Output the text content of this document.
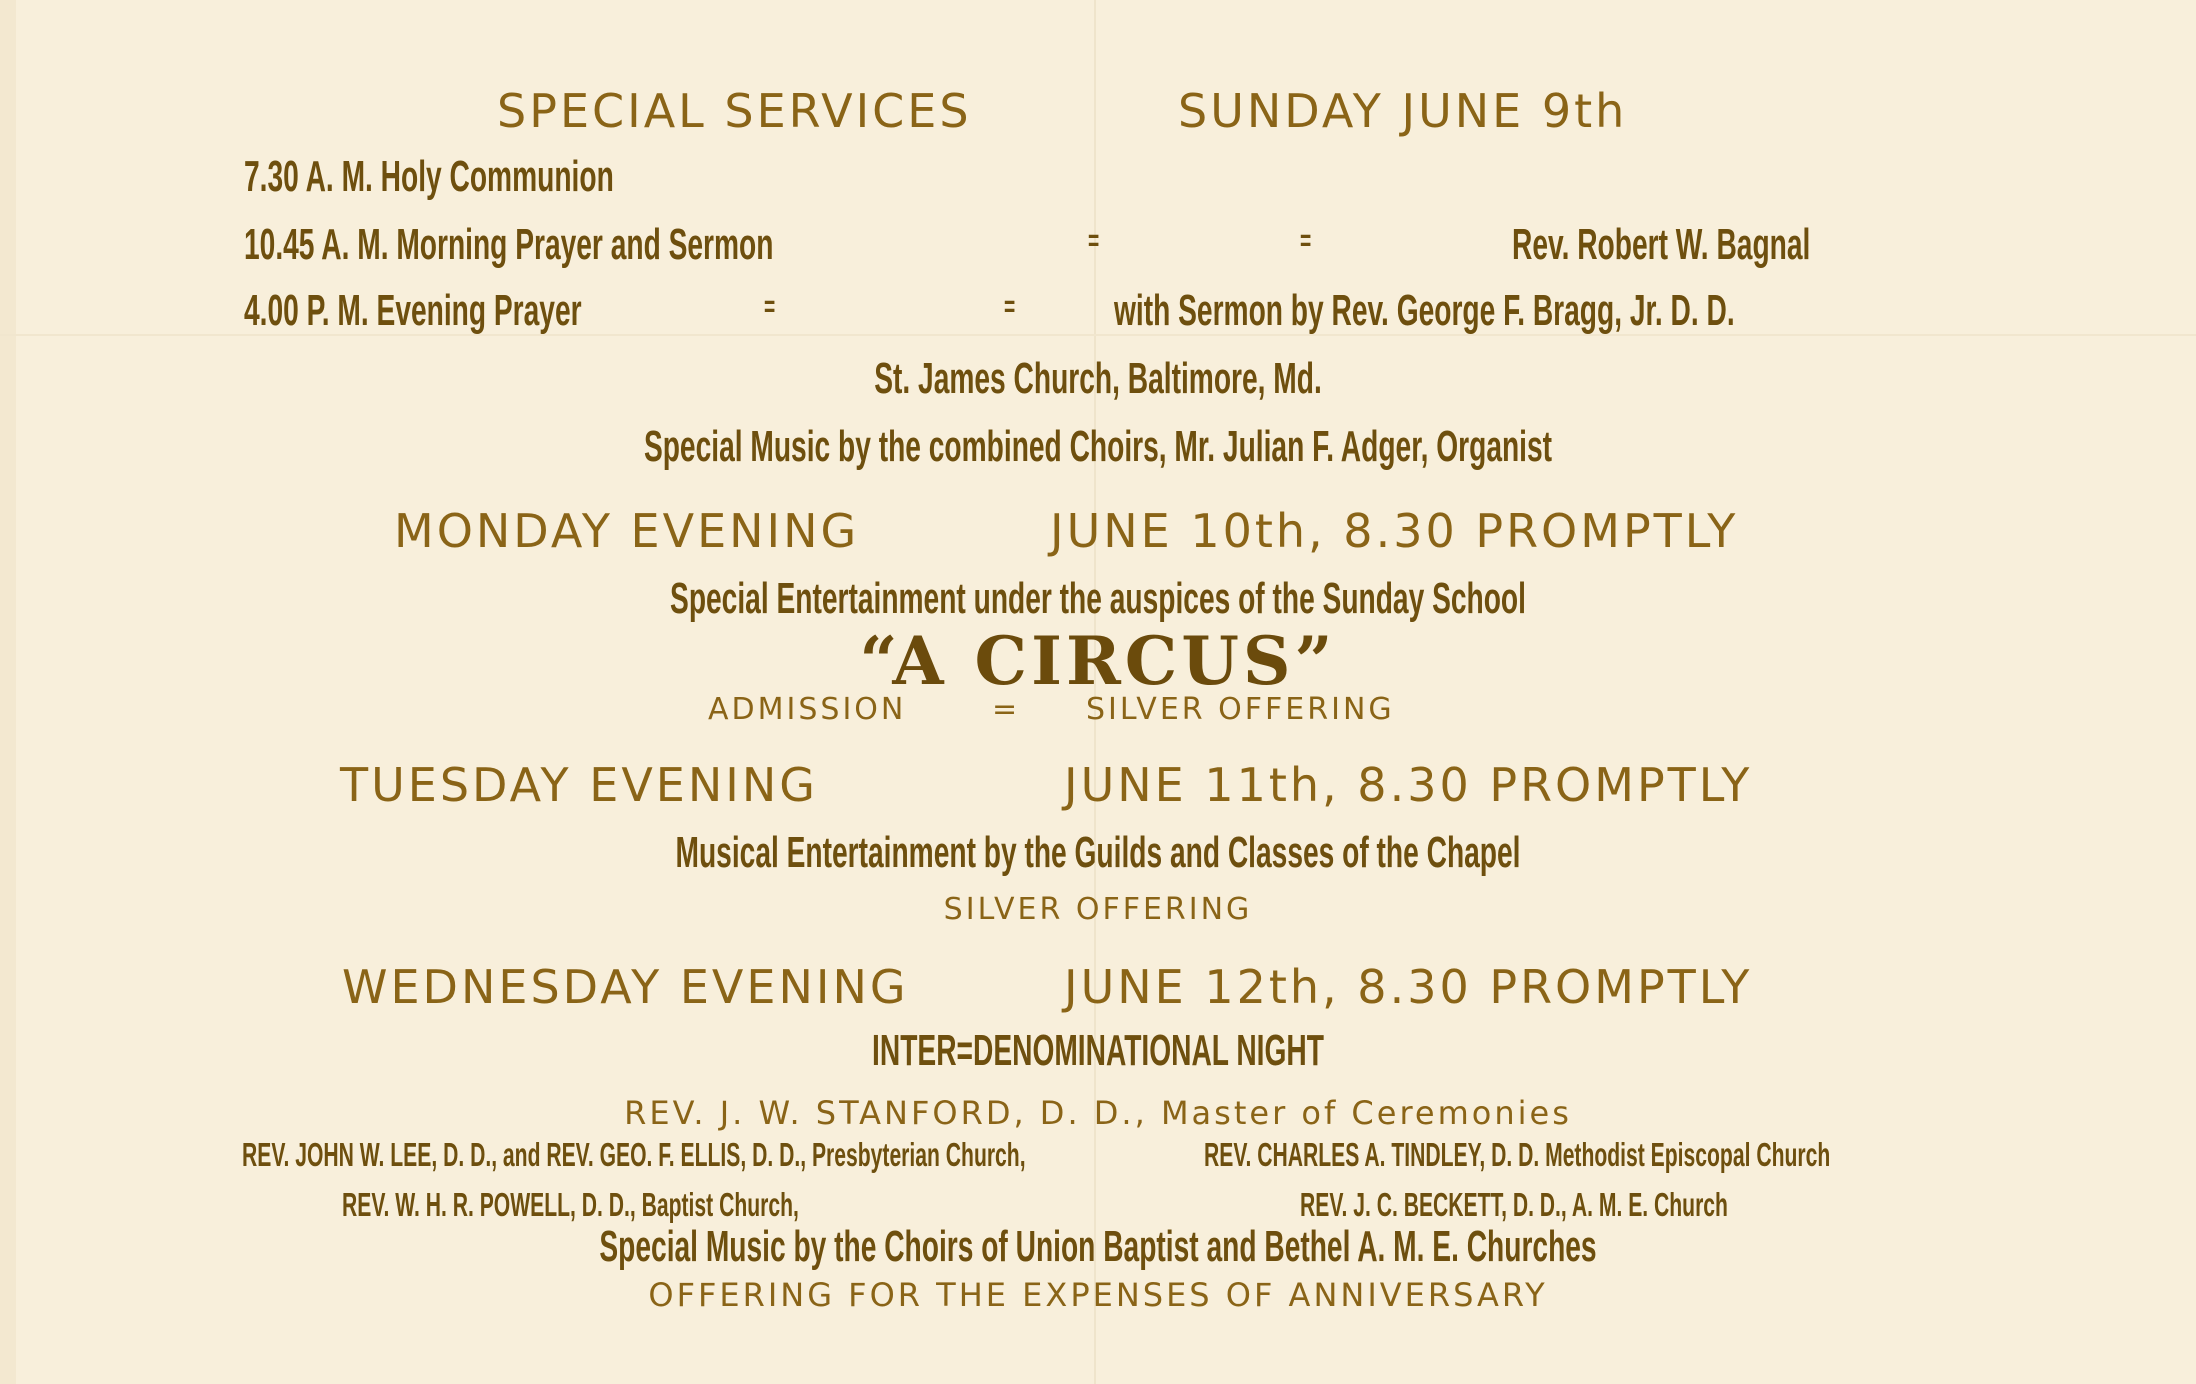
SPECIAL SERVICES	SUNDAY JUNE 9th
7.30 A. M. Holy Communion
10.45 A. M. Morning Prayer and Sermon	=	=	Rev. Robert W. Bagnal
4.00 P. M. Evening Prayer	=	= with Sermon by Rev. George F. Bragg, Jr. D. D.
St. James Church, Baltimore, Md.
Special Music by the combined Choirs, Mr. Julian F. Adger, Organist
MONDAY EVENING	JUNE 10th, 8.30 PROMPTLY
Special Entertainment under the auspices of the Sunday School
“A CIRCUS”
ADMISSION	= SILVER OFFERING
TUESDAY EVENING	JUNE 11th, 8.30 PROMPTLY
Musical Entertainment by the Guilds and Classes of the Chapel
SILVER OFFERING
WEDNESDAY EVENING	JUNE 12th, 8.30 PROMPTLY
INTER=DENOMINATIONAL NIGHT
REV. J. W. STANFORD, D. D., Master of Ceremonies
REV. JOHN W. LEE, D. D., and REV. GEO. F. ELLIS, D. D., Presbyterian Church,	REV. CHARLES A. TINDLEY, D. D. Methodist Episcopal Church
REV. W. H. R. POWELL, D. D., Baptist Church,	REV. J. C. BECKETT, D. D., A. M. E. Church
Special Music by the Choirs of Union Baptist and Bethel A. M. E. Churches
OFFERING FOR THE EXPENSES OF ANNIVERSARY
